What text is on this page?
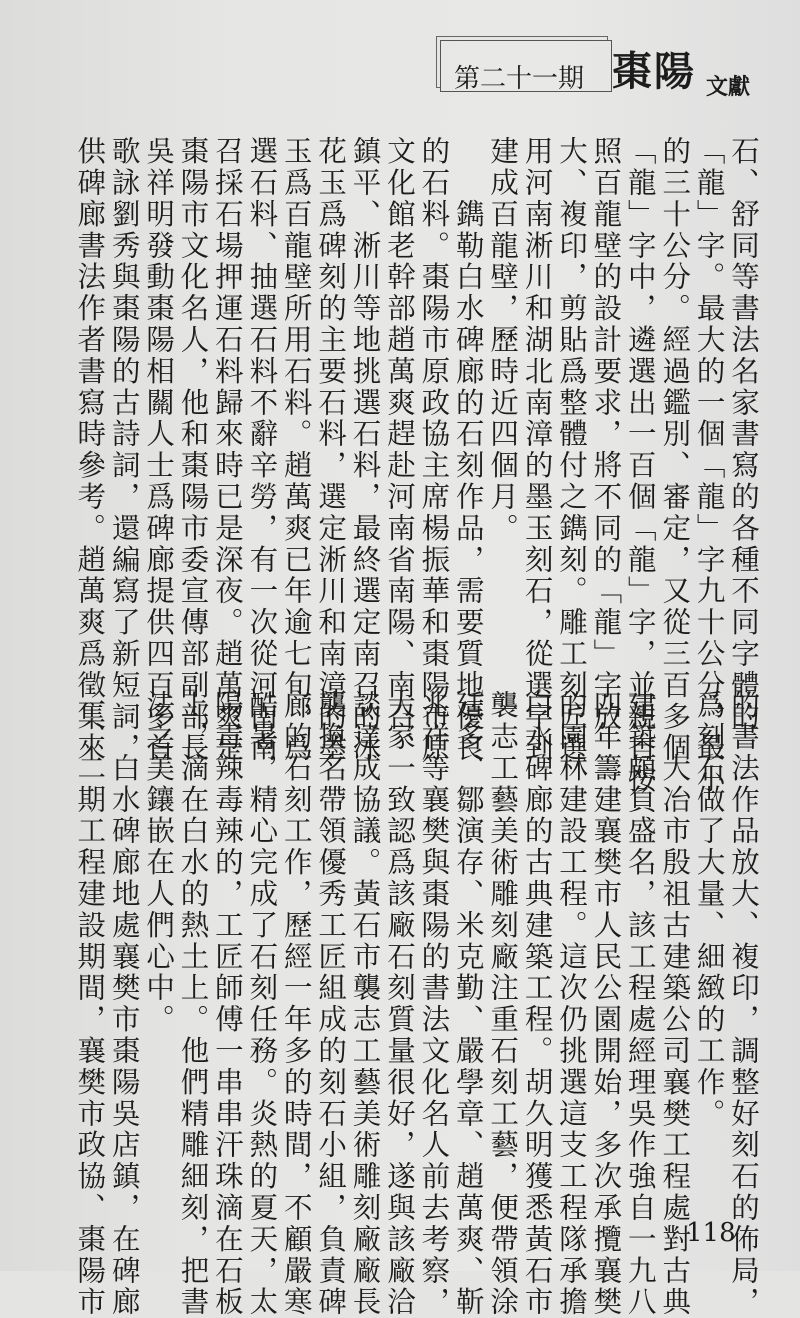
第二十一期 棗陽 文獻

石、舒同等書法名家書寫的各種不同字體的

「龍」字。最大的一個「龍」字九十公分，最小

的三十公分。經過鑑別、審定，又從三百多個

「龍」字中，遴選出一百個「龍」字，並親自按

照百龍壁的設計要求，將不同的「龍」字放

大、複印，剪貼爲整體付之鐫刻。雕工刻匠選

用河南淅川和湖北南漳的墨玉刻石，從選字到

建成百龍壁，歷時近四個月。

　　鐫勒白水碑廊的石刻作品，需要質地優良

的石料。棗陽市原政協主席楊振華和棗陽市原

文化館老幹部趙萬爽趕赴河南省南陽、南召、

鎮平、淅川等地挑選石料，最終選定南召的冰

花玉爲碑刻的主要石料，選定淅川和南漳的墨

玉爲百龍壁所用石料。趙萬爽已年逾七旬，爲

選石料、抽選石料不辭辛勞，有一次從河南南

召採石場押運石料歸來時已是深夜。趙萬爽是

棗陽市文化名人，他和棗陽市委宣傳部副部長

吳祥明發動棗陽相關人士爲碑廊提供四百多首

歌詠劉秀與棗陽的古詩詞，還編寫了新短詞，

供碑廊書法作者書寫時參考。趙萬爽爲徵集來

的書法作品放大、複印，調整好刻石的佈局，

爲刻石做了大量、細緻的工作。

　　大冶市殷祖古建築公司襄樊工程處對古典

建築頗負盛名，該工程處經理吳作強自一九八

四年籌建襄樊市人民公園開始，多次承攬襄樊

的園林建設工程。這次仍挑選這支工程隊承擔

白水碑廊的古典建築工程。胡久明獲悉黃石市

襲志工藝美術雕刻廠注重石刻工藝，便帶領涂

廷多、鄒演存、米克勤、嚴學章、趙萬爽、靳

兆祥等襄樊與棗陽的書法文化名人前去考察，

大家一致認爲該廠石刻質量很好，遂與該廠洽

談達成協議。黃石市襲志工藝美術雕刻廠廠長

襲換名帶領優秀工匠組成的刻石小組，負責碑

廊的石刻工作，歷經一年多的時間，不顧嚴寒

酷暑，精心完成了石刻任務。炎熱的夏天，太

陽毒辣毒辣的，工匠師傅一串串汗珠滴在石板

上，滴在白水的熱土上。他們精雕細刻，把書

法之美鑲嵌在人們心中。

　　白水碑廊地處襄樊市棗陽吳店鎮，在碑廊

一、二期工程建設期間，襄樊市政協、棗陽市	118
